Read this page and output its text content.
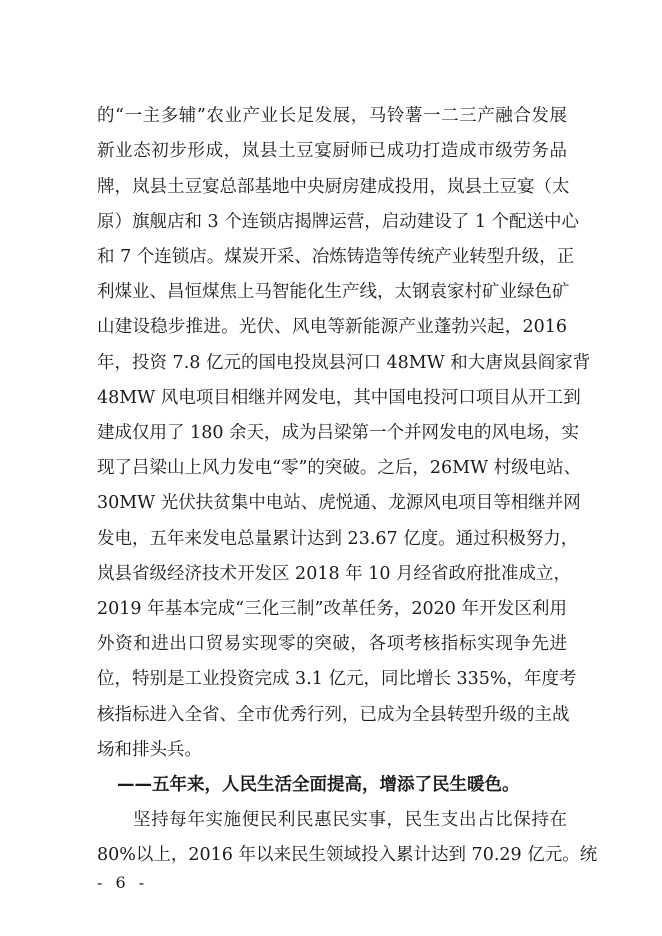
的“一主多辅”农业产业长足发展，马铃薯一二三产融合发展
新业态初步形成，岚县土豆宴厨师已成功打造成市级劳务品
牌，岚县土豆宴总部基地中央厨房建成投用，岚县土豆宴（太
原）旗舰店和 3 个连锁店揭牌运营，启动建设了 1 个配送中心
和 7 个连锁店。煤炭开采、冶炼铸造等传统产业转型升级，正
利煤业、昌恒煤焦上马智能化生产线，太钢袁家村矿业绿色矿
山建设稳步推进。光伏、风电等新能源产业蓬勃兴起，2016
年，投资 7.8 亿元的国电投岚县河口 48MW 和大唐岚县阎家背
48MW 风电项目相继并网发电，其中国电投河口项目从开工到
建成仅用了 180 余天，成为吕梁第一个并网发电的风电场，实
现了吕梁山上风力发电“零”的突破。之后，26MW 村级电站、
30MW 光伏扶贫集中电站、虎悦通、龙源风电项目等相继并网
发电，五年来发电总量累计达到 23.67 亿度。通过积极努力，
岚县省级经济技术开发区 2018 年 10 月经省政府批准成立，
2019 年基本完成“三化三制”改革任务，2020 年开发区利用
外资和进出口贸易实现零的突破，各项考核指标实现争先进
位，特别是工业投资完成 3.1 亿元，同比增长 335%，年度考
核指标进入全省、全市优秀行列，已成为全县转型升级的主战
场和排头兵。
——五年来，人民生活全面提高，增添了民生暖色。
坚持每年实施便民利民惠民实事，民生支出占比保持在
80%以上，2016 年以来民生领域投入累计达到 70.29 亿元。统
- 6 -
